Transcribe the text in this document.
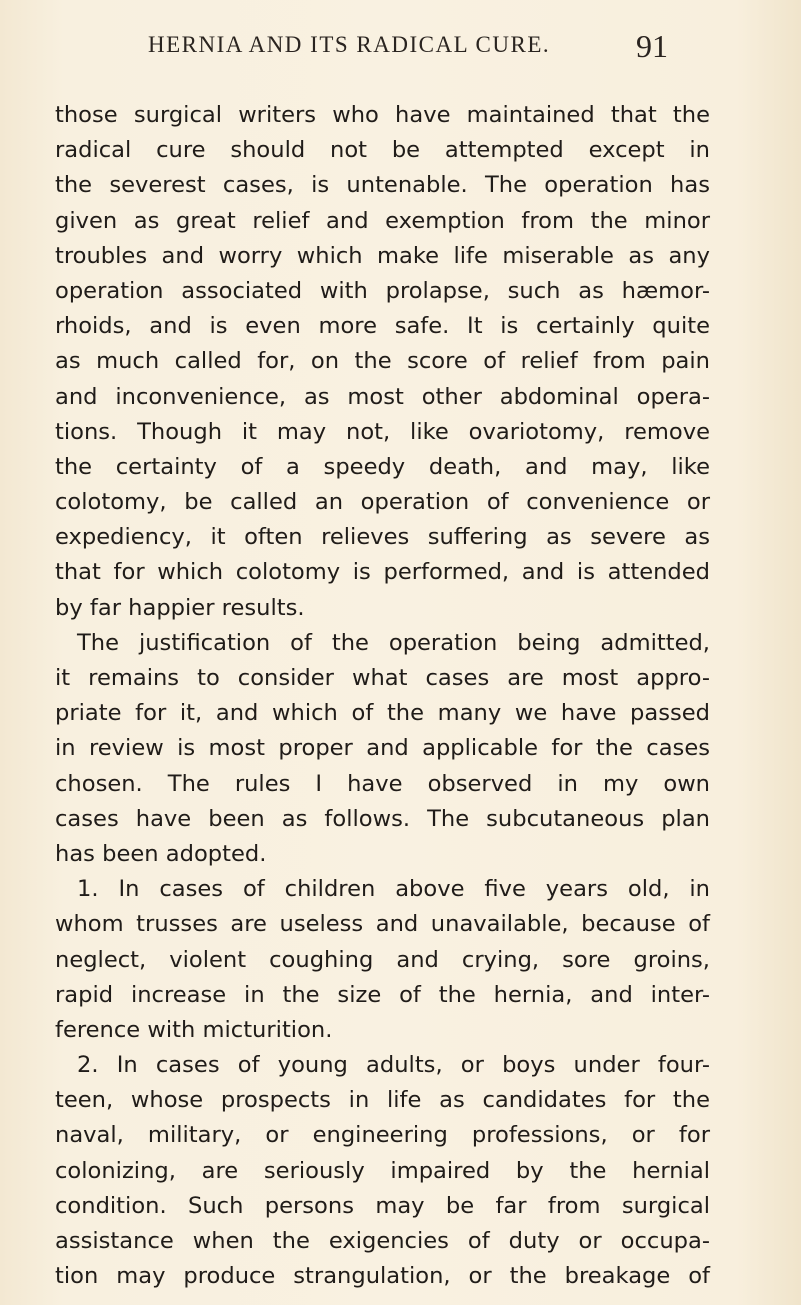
HERNIA AND ITS RADICAL CURE.	91
those surgical writers who have maintained that the
radical cure should not be attempted except in
the severest cases, is untenable. The operation has
given as great relief and exemption from the minor
troubles and worry which make life miserable as any
operation associated with prolapse, such as hæmor-
rhoids, and is even more safe. It is certainly quite
as much called for, on the score of relief from pain
and inconvenience, as most other abdominal opera-
tions. Though it may not, like ovariotomy, remove
the certainty of a speedy death, and may, like
colotomy, be called an operation of convenience or
expediency, it often relieves suffering as severe as
that for which colotomy is performed, and is attended
by far happier results.
The justification of the operation being admitted,
it remains to consider what cases are most appro-
priate for it, and which of the many we have passed
in review is most proper and applicable for the cases
chosen. The rules I have observed in my own
cases have been as follows. The subcutaneous plan
has been adopted.
1. In cases of children above five years old, in
whom trusses are useless and unavailable, because of
neglect, violent coughing and crying, sore groins,
rapid increase in the size of the hernia, and inter-
ference with micturition.
2. In cases of young adults, or boys under four-
teen, whose prospects in life as candidates for the
naval, military, or engineering professions, or for
colonizing, are seriously impaired by the hernial
condition. Such persons may be far from surgical
assistance when the exigencies of duty or occupa-
tion may produce strangulation, or the breakage of
